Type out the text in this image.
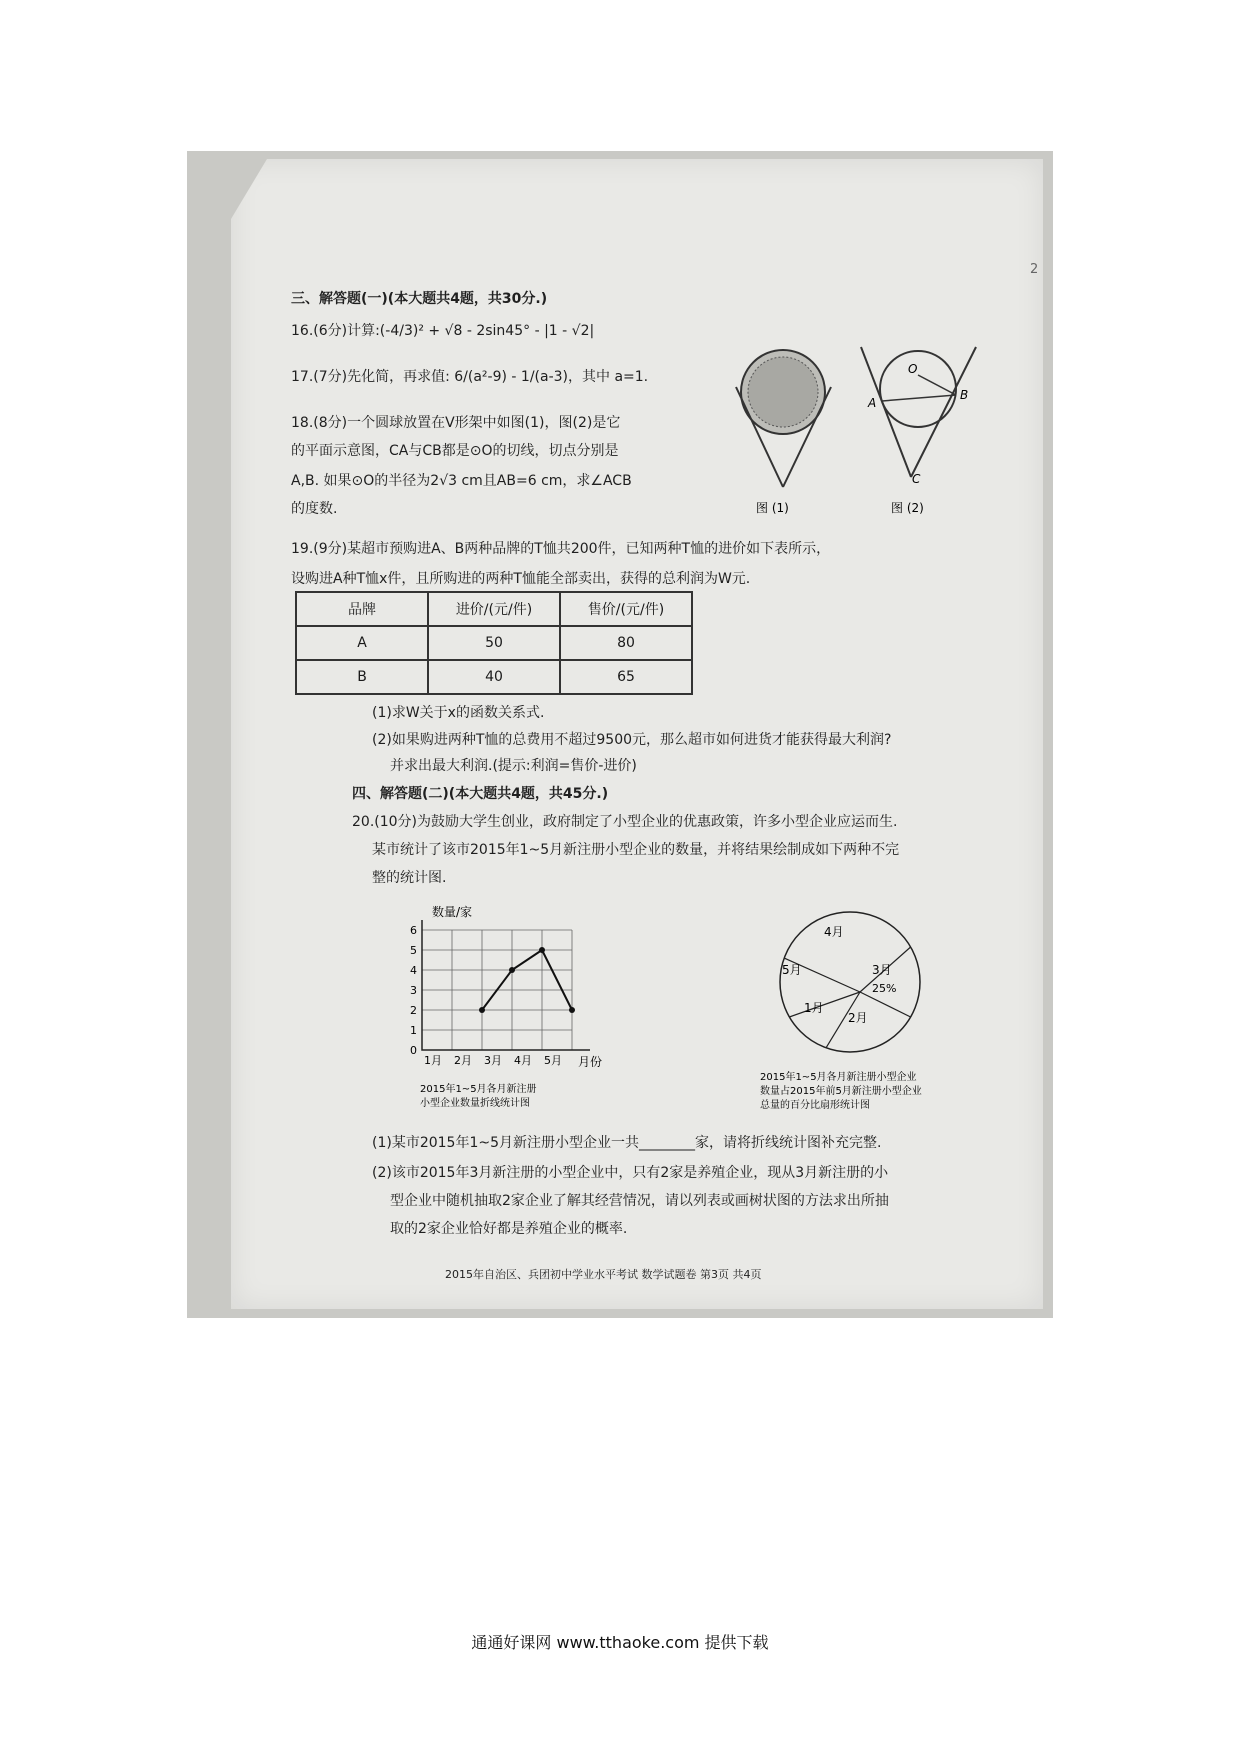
三、解答题(一)(本大题共4题，共30分.)
16.(6分)计算:(-4/3)² + √8 - 2sin45° - |1 - √2|
17.(7分)先化简，再求值: 6/(a²-9) - 1/(a-3)，其中 a=1.
18.(8分)一个圆球放置在V形架中如图(1)，图(2)是它
的平面示意图，CA与CB都是⊙O的切线，切点分别是
A,B. 如果⊙O的半径为2√3 cm且AB=6 cm，求∠ACB
的度数.	图 (1)
O
A
B
C
图 (2)
19.(9分)某超市预购进A、B两种品牌的T恤共200件，已知两种T恤的进价如下表所示，
设购进A种T恤x件，且所购进的两种T恤能全部卖出，获得的总利润为W元.
品牌	进价/(元/件)	售价/(元/件)
A	50	80
B	40	65
(1)求W关于x的函数关系式.
(2)如果购进两种T恤的总费用不超过9500元，那么超市如何进货才能获得最大利润?
并求出最大利润.(提示:利润=售价-进价)
四、解答题(二)(本大题共4题，共45分.)
20.(10分)为鼓励大学生创业，政府制定了小型企业的优惠政策，许多小型企业应运而生.
某市统计了该市2015年1~5月新注册小型企业的数量，并将结果绘制成如下两种不完
整的统计图.
(1)某市2015年1~5月新注册小型企业一共________家，请将折线统计图补充完整.
(2)该市2015年3月新注册的小型企业中，只有2家是养殖企业，现从3月新注册的小
型企业中随机抽取2家企业了解其经营情况，请以列表或画树状图的方法求出所抽
取的2家企业恰好都是养殖企业的概率.
2015年自治区、兵团初中学业水平考试 数学试题卷 第3页 共4页
2
0
1
2
3
4
5
6
1月 2月 3月 4月 5月
数量/家
月份
2015年1~5月各月新注册
小型企业数量折线统计图
4月
5月	3月
25%
1月
2月
2015年1~5月各月新注册小型企业
数量占2015年前5月新注册小型企业
总量的百分比扇形统计图
通通好课网 www.tthaoke.com 提供下载
